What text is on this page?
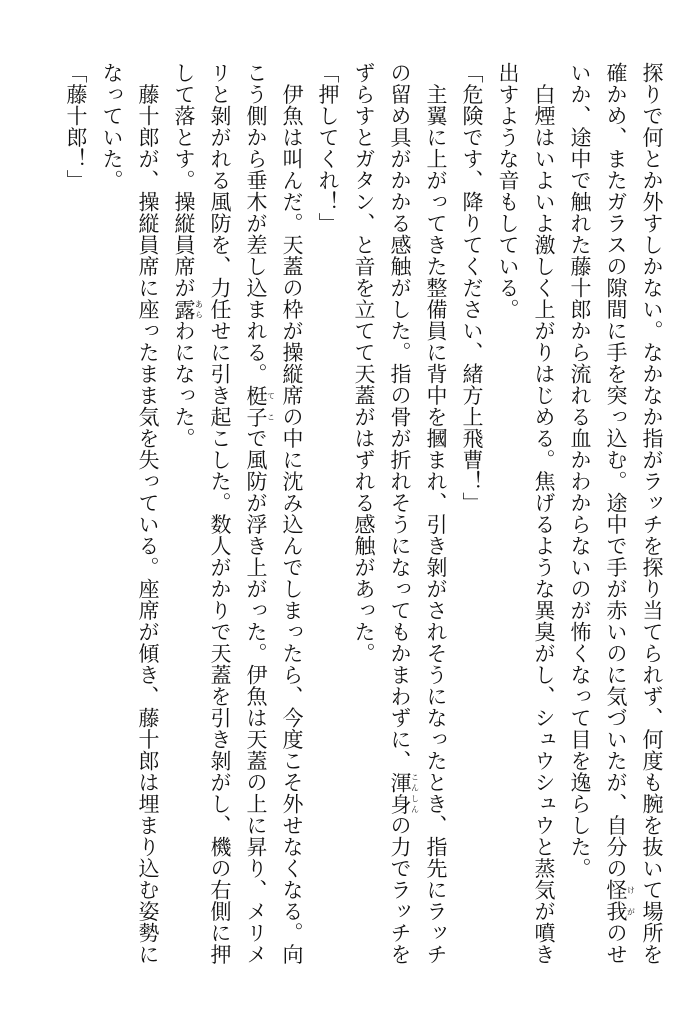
探りで何とか外すしかない。なかなか指がラッチを探り当てられず、何度も腕を抜いて場所を確かめ、またガラスの隙間に手を突っ込む。途中で手が赤いのに気づいたが、自分の怪我けがのせいか、途中で触れた藤十郎から流れる血かわからないのが怖くなって目を逸らした。

白煙はいよいよ激しく上がりはじめる。焦げるような異臭がし、シュウシュウと蒸気が噴き出すような音もしている。

「危険です、降りてください、緒方上飛曹！」

主翼に上がってきた整備員に背中を摑まれ、引き剝がされそうになったとき、指先にラッチの留め具がかかる感触がした。指の骨が折れそうになってもかまわずに、渾身こんしんの力でラッチをずらすとガタン、と音を立てて天蓋がはずれる感触があった。

「押してくれ！」

伊魚は叫んだ。天蓋の枠が操縦席の中に沈み込んでしまったら、今度こそ外せなくなる。向こう側から垂木が差し込まれる。梃子てこで風防が浮き上がった。伊魚は天蓋の上に昇り、メリメリと剝がれる風防を、力任せに引き起こした。数人がかりで天蓋を引き剝がし、機の右側に押して落とす。操縦員席が露あらわになった。

藤十郎が、操縦員席に座ったまま気を失っている。座席が傾き、藤十郎は埋まり込む姿勢になっていた。

「藤十郎！」
